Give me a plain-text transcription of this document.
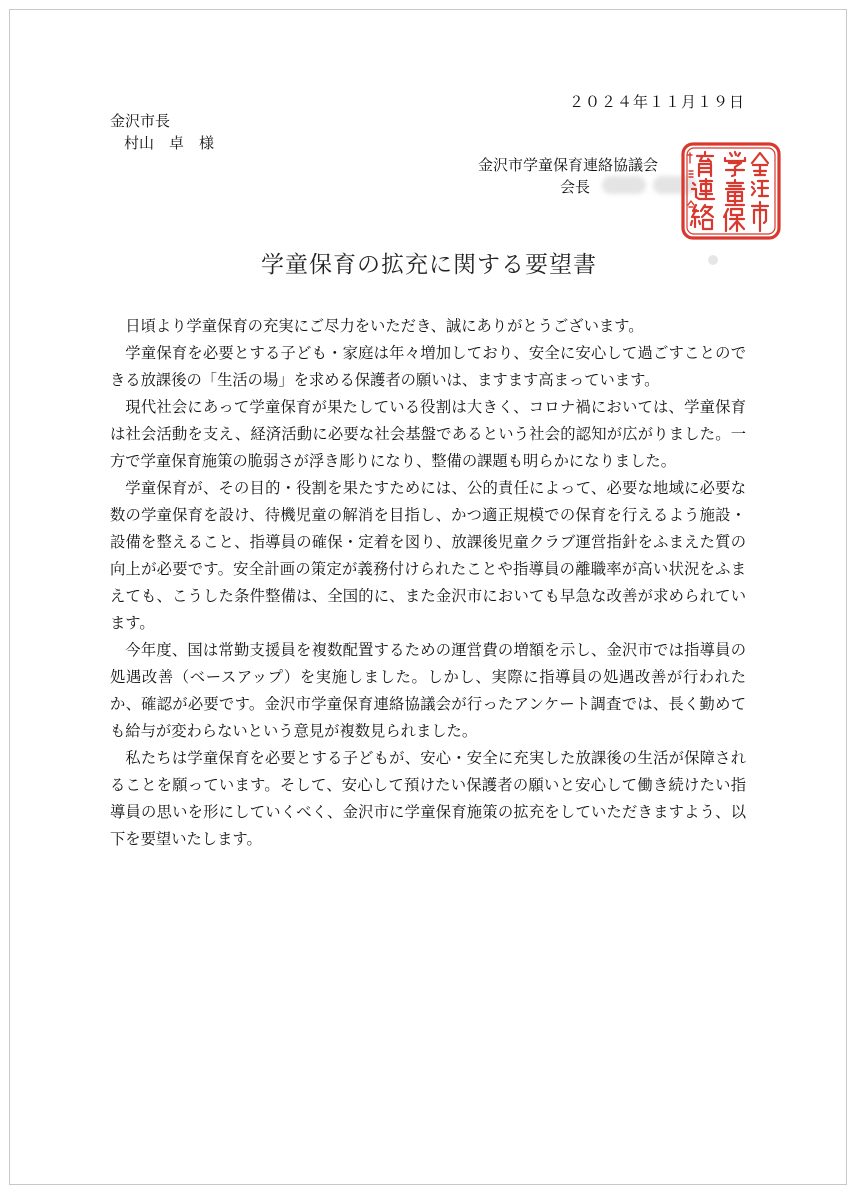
２０２４年１１月１９日
金沢市長
村山　卓　様
金沢市学童保育連絡協議会
会長
学童保育の拡充に関する要望書

日頃より学童保育の充実にご尽力をいただき、誠にありがとうございます。

学童保育を必要とする子ども・家庭は年々増加しており、安全に安心して過ごすことのできる放課後の「生活の場」を求める保護者の願いは、ますます高まっています。

現代社会にあって学童保育が果たしている役割は大きく、コロナ禍においては、学童保育は社会活動を支え、経済活動に必要な社会基盤であるという社会的認知が広がりました。一方で学童保育施策の脆弱さが浮き彫りになり、整備の課題も明らかになりました。

学童保育が、その目的・役割を果たすためには、公的責任によって、必要な地域に必要な数の学童保育を設け、待機児童の解消を目指し、かつ適正規模での保育を行えるよう施設・設備を整えること、指導員の確保・定着を図り、放課後児童クラブ運営指針をふまえた質の向上が必要です。安全計画の策定が義務付けられたことや指導員の離職率が高い状況をふまえても、こうした条件整備は、全国的に、また金沢市においても早急な改善が求められています。

今年度、国は常勤支援員を複数配置するための運営費の増額を示し、金沢市では指導員の処遇改善（ベースアップ）を実施しました。しかし、実際に指導員の処遇改善が行われたか、確認が必要です。金沢市学童保育連絡協議会が行ったアンケート調査では、長く勤めても給与が変わらないという意見が複数見られました。

私たちは学童保育を必要とする子どもが、安心・安全に充実した放課後の生活が保障されることを願っています。そして、安心して預けたい保護者の願いと安心して働き続けたい指導員の思いを形にしていくべく、金沢市に学童保育施策の拡充をしていただきますよう、以下を要望いたします。
